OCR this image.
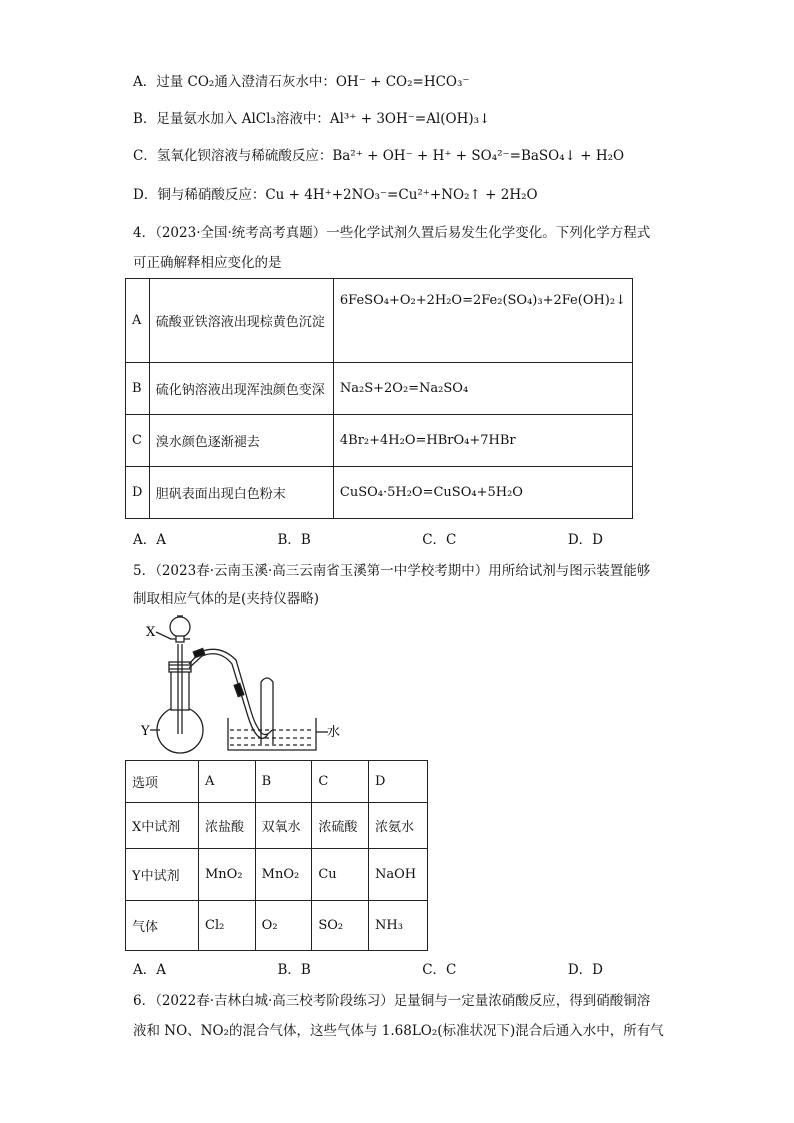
A．过量 CO₂通入澄清石灰水中：OH⁻ + CO₂=HCO₃⁻
B．足量氨水加入 AlCl₃溶液中：Al³⁺ + 3OH⁻=Al(OH)₃↓
C．氢氧化钡溶液与稀硫酸反应：Ba²⁺ + OH⁻ + H⁺ + SO₄²⁻=BaSO₄↓ + H₂O
D．铜与稀硝酸反应：Cu + 4H⁺+2NO₃⁻=Cu²⁺+NO₂↑ + 2H₂O
4．（2023·全国·统考高考真题）一些化学试剂久置后易发生化学变化。下列化学方程式
可正确解释相应变化的是
A	硫酸亚铁溶液出现棕黄色沉淀	6FeSO₄+O₂+2H₂O=2Fe₂(SO₄)₃+2Fe(OH)₂↓
B	硫化钠溶液出现浑浊颜色变深	Na₂S+2O₂=Na₂SO₄
C	溴水颜色逐渐褪去	4Br₂+4H₂O=HBrO₄+7HBr
D	胆矾表面出现白色粉末	CuSO₄·5H₂O=CuSO₄+5H₂O
A．A	B．B	C．C	D．D
5．（2023春·云南玉溪·高三云南省玉溪第一中学校考期中）用所给试剂与图示装置能够
制取相应气体的是(夹持仪器略)
X
Y	水
选项	A	B	C	D
X中试剂	浓盐酸	双氧水	浓硫酸	浓氨水
Y中试剂	MnO₂	MnO₂	Cu	NaOH
气体	Cl₂	O₂	SO₂	NH₃
A．A	B．B	C．C	D．D
6．（2022春·吉林白城·高三校考阶段练习）足量铜与一定量浓硝酸反应，得到硝酸铜溶
液和 NO、NO₂的混合气体，这些气体与 1.68LO₂(标准状况下)混合后通入水中，所有气
